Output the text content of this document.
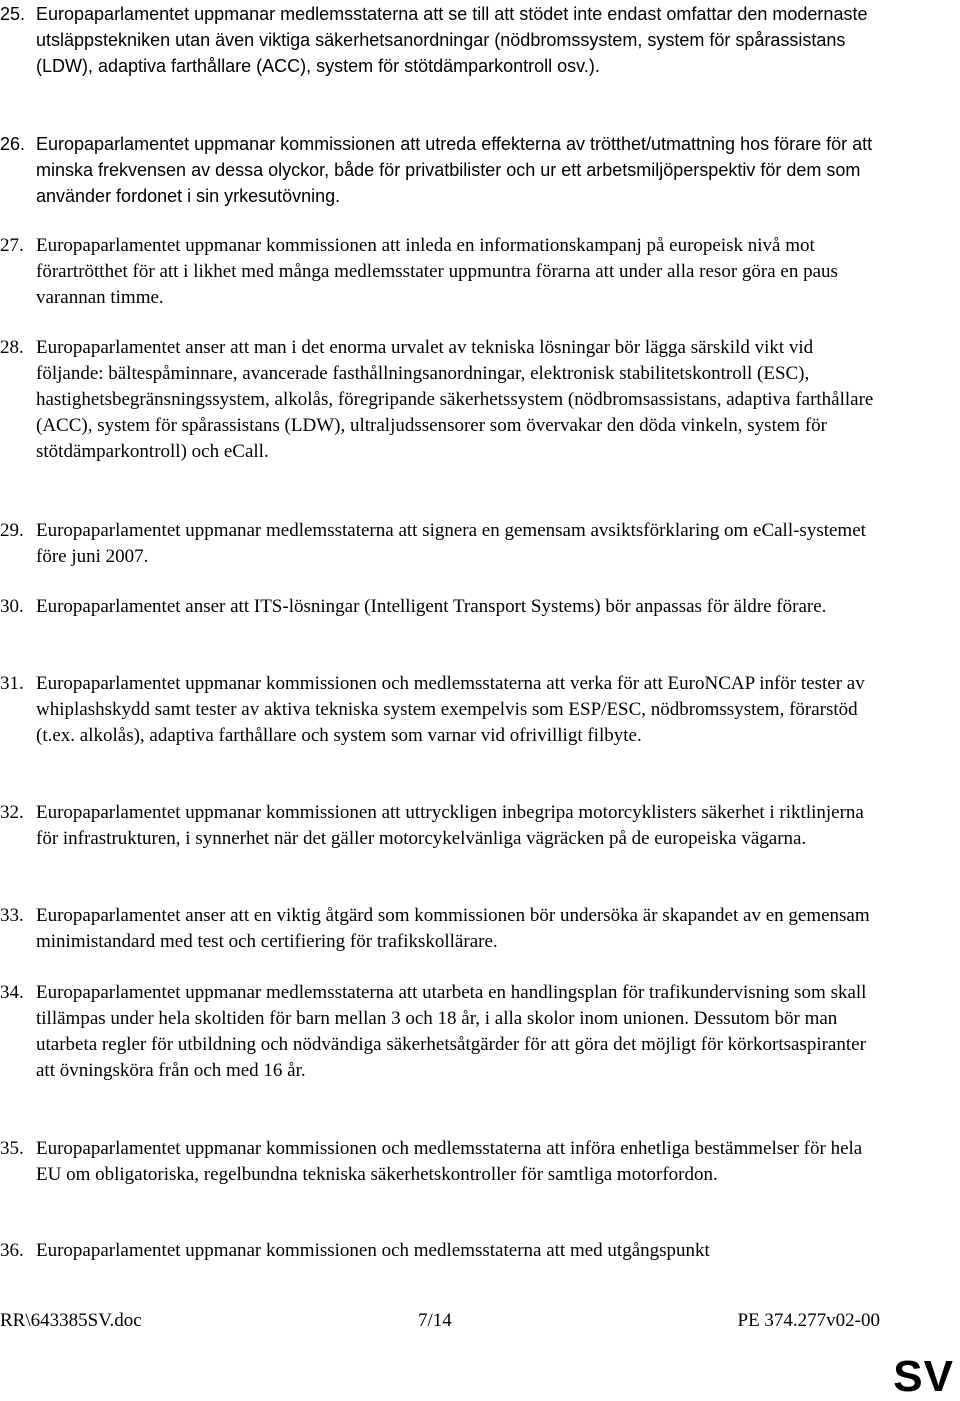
25. Europaparlamentet uppmanar medlemsstaterna att se till att stödet inte endast omfattar den modernaste utsläppstekniken utan även viktiga säkerhetsanordningar (nödbromssystem, system för spårassistans (LDW), adaptiva farthållare (ACC), system för stötdämparkontroll osv.).
26. Europaparlamentet uppmanar kommissionen att utreda effekterna av trötthet/utmattning hos förare för att minska frekvensen av dessa olyckor, både för privatbilister och ur ett arbetsmiljöperspektiv för dem som använder fordonet i sin yrkesutövning.
27. Europaparlamentet uppmanar kommissionen att inleda en informationskampanj på europeisk nivå mot förartrötthet för att i likhet med många medlemsstater uppmuntra förarna att under alla resor göra en paus varannan timme.
28. Europaparlamentet anser att man i det enorma urvalet av tekniska lösningar bör lägga särskild vikt vid följande: bältespåminnare, avancerade fasthållningsanordningar, elektronisk stabilitetskontroll (ESC), hastighetsbegränsningssystem, alkolås, föregripande säkerhetssystem (nödbromsassistans, adaptiva farthållare (ACC), system för spårassistans (LDW), ultraljudssensorer som övervakar den döda vinkeln, system för stötdämparkontroll) och eCall.
29. Europaparlamentet uppmanar medlemsstaterna att signera en gemensam avsiktsförklaring om eCall-systemet före juni 2007.
30. Europaparlamentet anser att ITS-lösningar (Intelligent Transport Systems) bör anpassas för äldre förare.
31. Europaparlamentet uppmanar kommissionen och medlemsstaterna att verka för att EuroNCAP inför tester av whiplashskydd samt tester av aktiva tekniska system exempelvis som ESP/ESC, nödbromssystem, förarstöd (t.ex. alkolås), adaptiva farthållare och system som varnar vid ofrivilligt filbyte.
32. Europaparlamentet uppmanar kommissionen att uttryckligen inbegripa motorcyklisters säkerhet i riktlinjerna för infrastrukturen, i synnerhet när det gäller motorcykelvänliga vägräcken på de europeiska vägarna.
33. Europaparlamentet anser att en viktig åtgärd som kommissionen bör undersöka är skapandet av en gemensam minimistandard med test och certifiering för trafikskollärare.
34. Europaparlamentet uppmanar medlemsstaterna att utarbeta en handlingsplan för trafikundervisning som skall tillämpas under hela skoltiden för barn mellan 3 och 18 år, i alla skolor inom unionen. Dessutom bör man utarbeta regler för utbildning och nödvändiga säkerhetsåtgärder för att göra det möjligt för körkortsaspiranter att övningsköra från och med 16 år.
35. Europaparlamentet uppmanar kommissionen och medlemsstaterna att införa enhetliga bestämmelser för hela EU om obligatoriska, regelbundna tekniska säkerhetskontroller för samtliga motorfordon.
36. Europaparlamentet uppmanar kommissionen och medlemsstaterna att med utgångspunkt
RR\643385SV.doc	7/14	PE 374.277v02-00
SV
